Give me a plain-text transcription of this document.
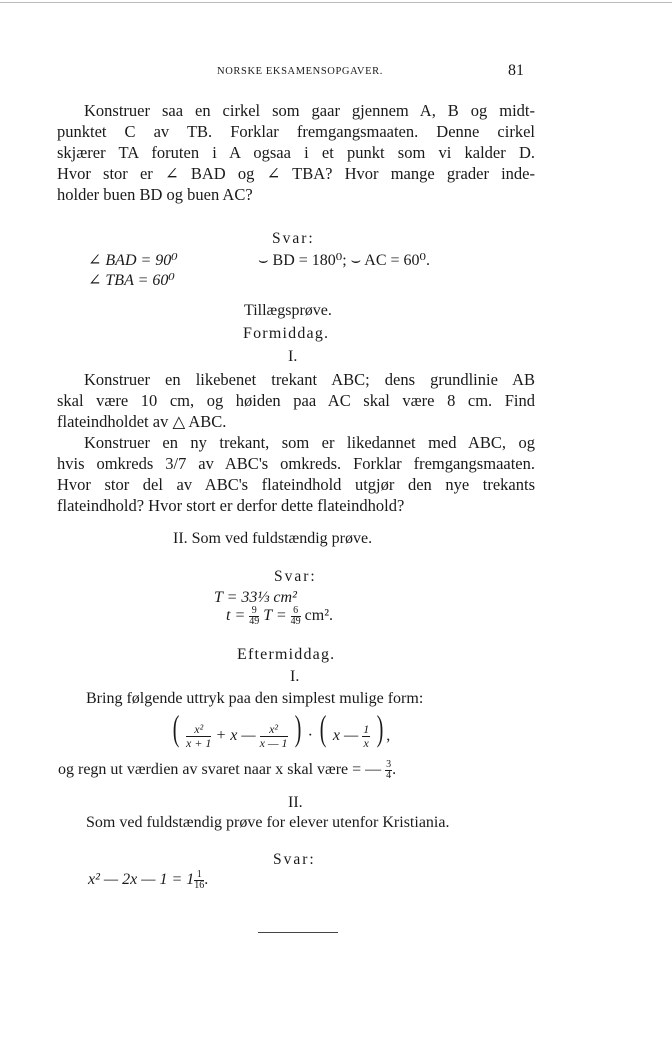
NORSKE EKSAMENSOPGAVER.	81
Konstruer saa en cirkel som gaar gjennem A, B og midt-
punktet C av TB. Forklar fremgangsmaaten. Denne cirkel
skjærer TA foruten i A ogsaa i et punkt som vi kalder D.
Hvor stor er ∠ BAD og ∠ TBA? Hvor mange grader inde-
holder buen BD og buen AC?
Svar:
∠ BAD = 90⁰
∠ TBA = 60⁰
⌣ BD = 180⁰; ⌣ AC = 60⁰.
Tillægsprøve.
Formiddag.
I.
Konstruer en likebenet trekant ABC; dens grundlinie AB
skal være 10 cm, og høiden paa AC skal være 8 cm. Find
flateindholdet av △ ABC.
Konstruer en ny trekant, som er likedannet med ABC, og
hvis omkreds 3/7 av ABC's omkreds. Forklar fremgangsmaaten.
Hvor stor del av ABC's flateindhold utgjør den nye trekants
flateindhold? Hvor stort er derfor dette flateindhold?
II. Som ved fuldstændig prøve.
Svar:
T = 33⅓ cm²
$t = \frac{9}{49}$ $T = \frac{6}{49} cm^2$.
Eftermiddag.
I.
Bring følgende uttryk paa den simplest mulige form:
( $\frac{\text{x²}}{x + 1} + x$ — $\frac{\text{x²}}{x — 1}$ ) · ( x — $\frac{1}{x}$ ) ,
og regn ut værdien av svaret naar x skal være = — $\frac{3}{4}$ .
II.
Som ved fuldstændig prøve for elever utenfor Kristiania.
Svar:
x² — 2x — $1 = 1 \frac{1}{16}$ .
